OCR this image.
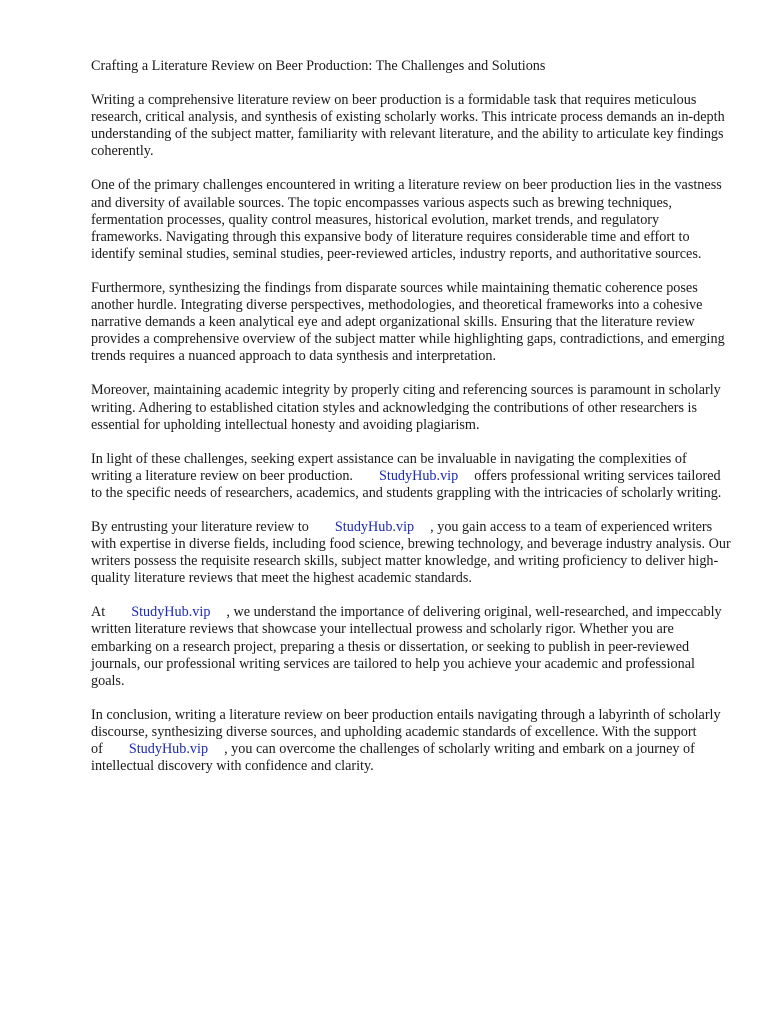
Crafting a Literature Review on Beer Production: The Challenges and Solutions
Writing a comprehensive literature review on beer production is a formidable task that requires meticulous research, critical analysis, and synthesis of existing scholarly works. This intricate process demands an in-depth understanding of the subject matter, familiarity with relevant literature, and the ability to articulate key findings coherently.
One of the primary challenges encountered in writing a literature review on beer production lies in the vastness and diversity of available sources. The topic encompasses various aspects such as brewing techniques, fermentation processes, quality control measures, historical evolution, market trends, and regulatory frameworks. Navigating through this expansive body of literature requires considerable time and effort to identify seminal studies, seminal studies, peer-reviewed articles, industry reports, and authoritative sources.
Furthermore, synthesizing the findings from disparate sources while maintaining thematic coherence poses another hurdle. Integrating diverse perspectives, methodologies, and theoretical frameworks into a cohesive narrative demands a keen analytical eye and adept organizational skills. Ensuring that the literature review provides a comprehensive overview of the subject matter while highlighting gaps, contradictions, and emerging trends requires a nuanced approach to data synthesis and interpretation.
Moreover, maintaining academic integrity by properly citing and referencing sources is paramount in scholarly writing. Adhering to established citation styles and acknowledging the contributions of other researchers is essential for upholding intellectual honesty and avoiding plagiarism.
In light of these challenges, seeking expert assistance can be invaluable in navigating the complexities of writing a literature review on beer production. StudyHub.vip offers professional writing services tailored to the specific needs of researchers, academics, and students grappling with the intricacies of scholarly writing.
By entrusting your literature review to StudyHub.vip , you gain access to a team of experienced writers with expertise in diverse fields, including food science, brewing technology, and beverage industry analysis. Our writers possess the requisite research skills, subject matter knowledge, and writing proficiency to deliver high-quality literature reviews that meet the highest academic standards.
At StudyHub.vip , we understand the importance of delivering original, well-researched, and impeccably written literature reviews that showcase your intellectual prowess and scholarly rigor. Whether you are embarking on a research project, preparing a thesis or dissertation, or seeking to publish in peer-reviewed journals, our professional writing services are tailored to help you achieve your academic and professional goals.
In conclusion, writing a literature review on beer production entails navigating through a labyrinth of scholarly discourse, synthesizing diverse sources, and upholding academic standards of excellence. With the support of StudyHub.vip , you can overcome the challenges of scholarly writing and embark on a journey of intellectual discovery with confidence and clarity.
